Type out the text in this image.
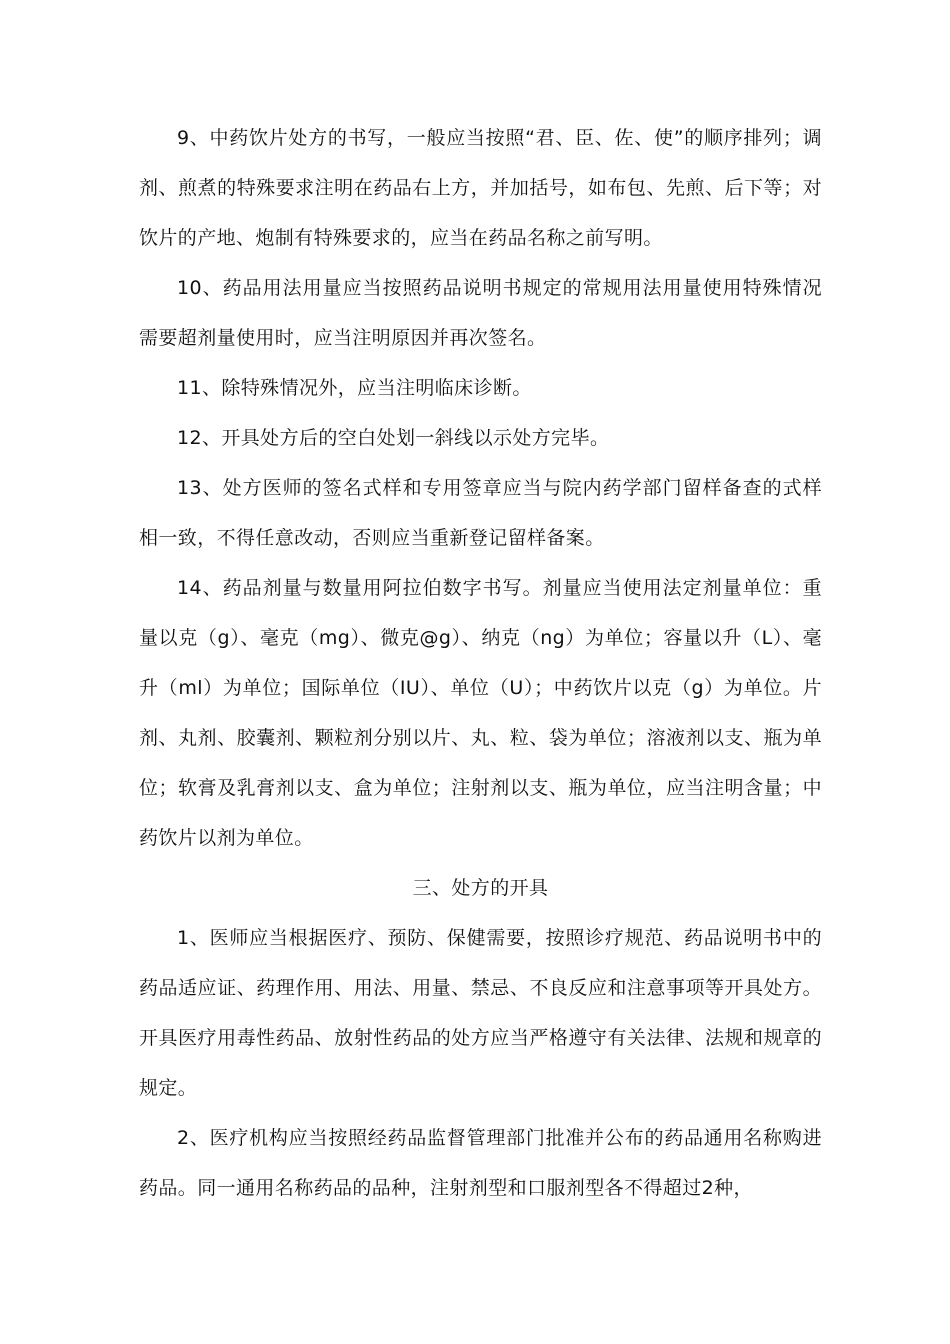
9、中药饮片处方的书写，一般应当按照“君、臣、佐、使”的顺序排列；调剂、煎煮的特殊要求注明在药品右上方，并加括号，如布包、先煎、后下等；对饮片的产地、炮制有特殊要求的，应当在药品名称之前写明。

10、药品用法用量应当按照药品说明书规定的常规用法用量使用特殊情况需要超剂量使用时，应当注明原因并再次签名。

11、除特殊情况外，应当注明临床诊断。

12、开具处方后的空白处划一斜线以示处方完毕。

13、处方医师的签名式样和专用签章应当与院内药学部门留样备查的式样相一致，不得任意改动，否则应当重新登记留样备案。

14、药品剂量与数量用阿拉伯数字书写。剂量应当使用法定剂量单位：重量以克（g）、毫克（mg）、微克@g）、纳克（ng）为单位；容量以升（L）、毫升（ml）为单位；国际单位（IU）、单位（U）；中药饮片以克（g）为单位。片剂、丸剂、胶囊剂、颗粒剂分别以片、丸、粒、袋为单位；溶液剂以支、瓶为单位；软膏及乳膏剂以支、盒为单位；注射剂以支、瓶为单位，应当注明含量；中药饮片以剂为单位。

三、处方的开具

1、医师应当根据医疗、预防、保健需要，按照诊疗规范、药品说明书中的药品适应证、药理作用、用法、用量、禁忌、不良反应和注意事项等开具处方。开具医疗用毒性药品、放射性药品的处方应当严格遵守有关法律、法规和规章的规定。

2、医疗机构应当按照经药品监督管理部门批准并公布的药品通用名称购进药品。同一通用名称药品的品种，注射剂型和口服剂型各不得超过2种，
